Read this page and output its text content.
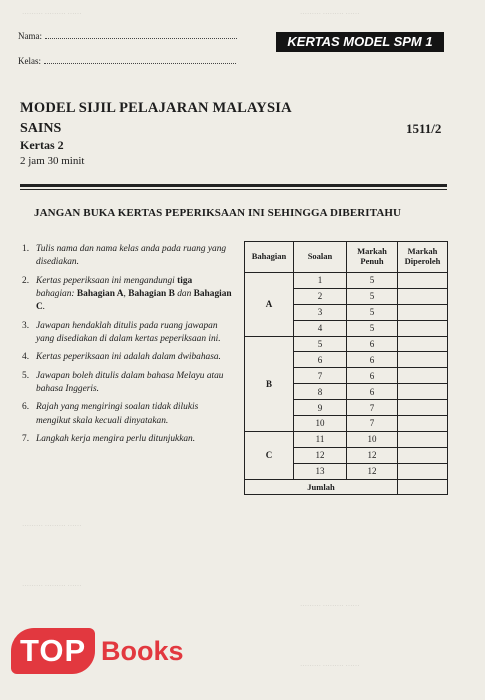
……… ……… ……	……… ……… ……
Nama:
Kelas:
KERTAS MODEL SPM 1
MODEL SIJIL PELAJARAN MALAYSIA
SAINS	1511/2
Kertas 2
2 jam 30 minit
JANGAN BUKA KERTAS PEPERIKSAAN INI SEHINGGA DIBERITAHU
1. Tulis nama dan nama kelas anda pada ruang yang disediakan.
2. Kertas peperiksaan ini mengandungi tiga bahagian: Bahagian A, Bahagian B dan Bahagian C.
3. Jawapan hendaklah ditulis pada ruang jawapan yang disediakan di dalam kertas peperiksaan ini.
4. Kertas peperiksaan ini adalah dalam dwibahasa.
5. Jawapan boleh ditulis dalam bahasa Melayu atau bahasa Inggeris.
6. Rajah yang mengiringi soalan tidak dilukis mengikut skala kecuali dinyatakan.
7. Langkah kerja mengira perlu ditunjukkan.
Bahagian	Soalan	Markah Penuh	Markah Diperoleh
A	1	5	
	2	5	
	3	5	
	4	5	
B	5	6	
	6	6	
	7	6	
	8	6	
	9	7	
	10	7	
C	11	10	
	12	12	
	13	12	
Jumlah			
……… ……… ……
……… ……… ……
……… ……… ……
……… ……… ……
TOP Books
